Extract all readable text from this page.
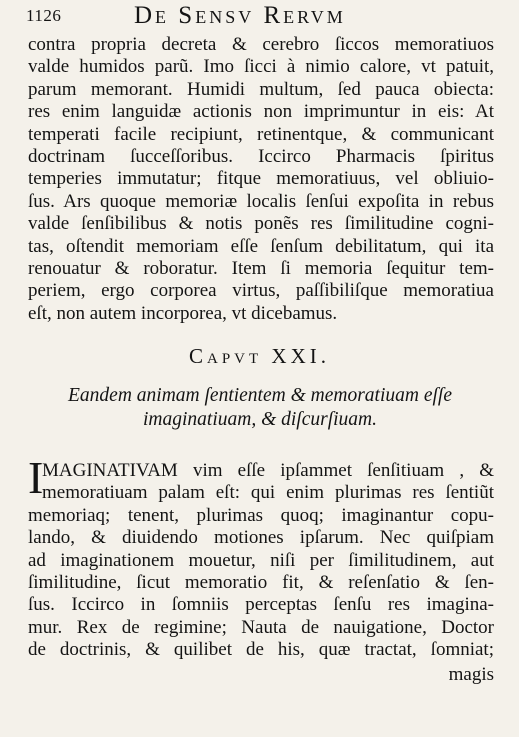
1126	De Sensv Rervm
contra propria decreta & cerebro ſiccos memoratiuos
valde humidos parũ. Imo ſicci à nimio calore, vt patuit,
parum memorant. Humidi multum, ſed pauca obiecta:
res enim languidæ actionis non imprimuntur in eis: At
temperati facile recipiunt, retinentque, & communicant
doctrinam ſucceſſoribus. Iccirco Pharmacis ſpiritus
temperies immutatur; fitque memoratiuus, vel obliuio-
ſus. Ars quoque memoriæ localis ſenſui expoſita in rebus
valde ſenſibilibus & notis ponẽs res ſimilitudine cogni-
tas, oſtendit memoriam eſſe ſenſum debilitatum, qui ita
renouatur & roboratur. Item ſi memoria ſequitur tem-
periem, ergo corporea virtus, paſſibiliſque memoratiua
eſt, non autem incorporea, vt dicebamus.
Capvt XXI.
Eandem animam ſentientem & memoratiuam eſſe
imaginatiuam, & diſcurſiuam.
I
MAGINATIVAM vim eſſe ipſammet ſenſitiuam , &
memoratiuam palam eſt: qui enim plurimas res ſentiũt
memoriaq; tenent, plurimas quoq; imaginantur copu-
lando, & diuidendo motiones ipſarum. Nec quiſpiam
ad imaginationem mouetur, niſi per ſimilitudinem, aut
ſimilitudine, ſicut memoratio fit, & reſenſatio & ſen-
ſus. Iccirco in ſomniis perceptas ſenſu res imagina-
mur. Rex de regimine; Nauta de nauigatione, Doctor
de doctrinis, & quilibet de his, quæ tractat, ſomniat;
magis
